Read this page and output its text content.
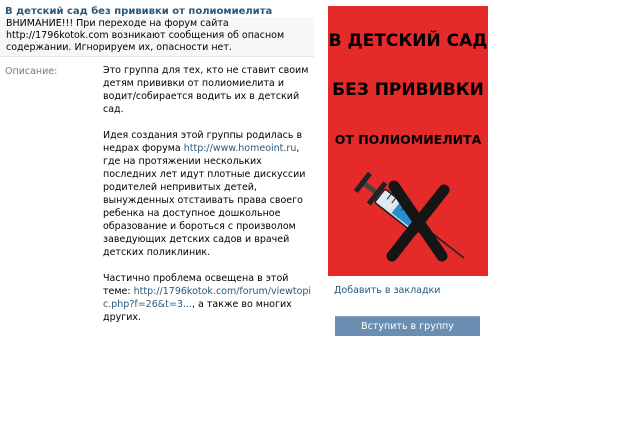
В детский сад без прививки от полиомиелита
ВНИМАНИЕ!!! При переходе на форум сайта http://1796kotok.com возникают сообщения об опасном содержании. Игнорируем их, опасности нет.
Описание:	Это группа для тех, кто не ставит своим детям прививки от полиомиелита и водит/собирается водить их в детский сад.

Идея создания этой группы родилась в недрах форума http://www.homeoint.ru, где на протяжении нескольких последних лет идут плотные дискуссии родителей непривитых детей, вынужденных отстаивать права своего ребенка на доступное дошкольное образование и бороться с произволом заведующих детских садов и врачей детских поликлиник.

Частично проблема освещена в этой теме: http://1796kotok.com/forum/viewtopic.php?f=26&t=3..., а также во многих других.

В ДЕТСКИЙ САД
БЕЗ ПРИВИВКИ
ОТ ПОЛИОМИЕЛИТА
Добавить в закладки
Вступить в группу
